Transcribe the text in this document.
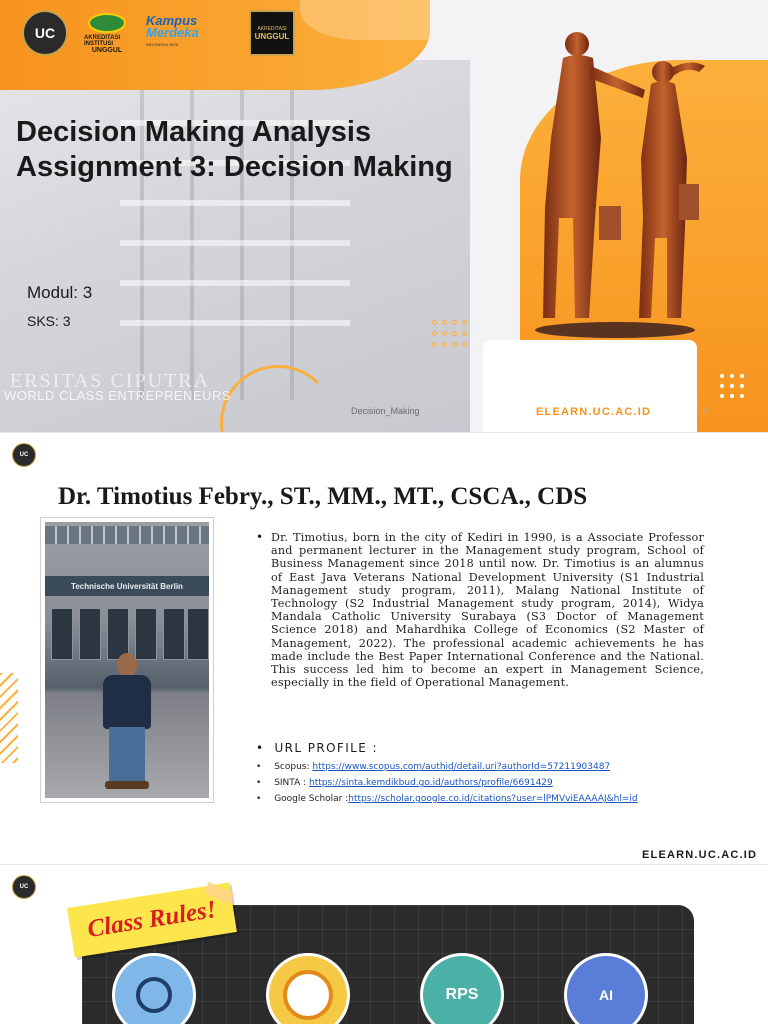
UC	AKREDITASI INSTITUSI
UNGGUL
Kampus
Merdeka
INDONESIA JAYA
AKREDITASI
UNGGUL
Decision Making Analysis
Assignment 3: Decision Making
Modul: 3
SKS: 3
ERSITAS CIPUTRA
WORLD CLASS ENTREPRENEURS
Decision_Making	ELEARN.UC.AC.ID	1
UC
Dr. Timotius Febry., ST., MM., MT., CSCA., CDS
Technische Universität Berlin
• Dr. Timotius, born in the city of Kediri in 1990, is a Associate Professor and permanent lecturer in the Management study program, School of Business Management since 2018 until now. Dr. Timotius is an alumnus of East Java Veterans National Development University (S1 Industrial Management study program, 2011), Malang National Institute of Technology (S2 Industrial Management study program, 2014), Widya Mandala Catholic University Surabaya (S3 Doctor of Management Science 2018) and Mahardhika College of Economics (S2 Master of Management, 2022). The professional academic achievements he has made include the Best Paper International Conference and the National. This success led him to become an expert in Management Science, especially in the field of Operational Management.
• URL PROFILE :
• Scopus: https://www.scopus.com/authid/detail.uri?authorId=57211903487
• SINTA : https://sinta.kemdikbud.go.id/authors/profile/6691429
• Google Scholar :https://scholar.google.co.id/citations?user=lPMVviEAAAAJ&hl=id
ELEARN.UC.AC.ID
UC
Class Rules!
RPS	AI
